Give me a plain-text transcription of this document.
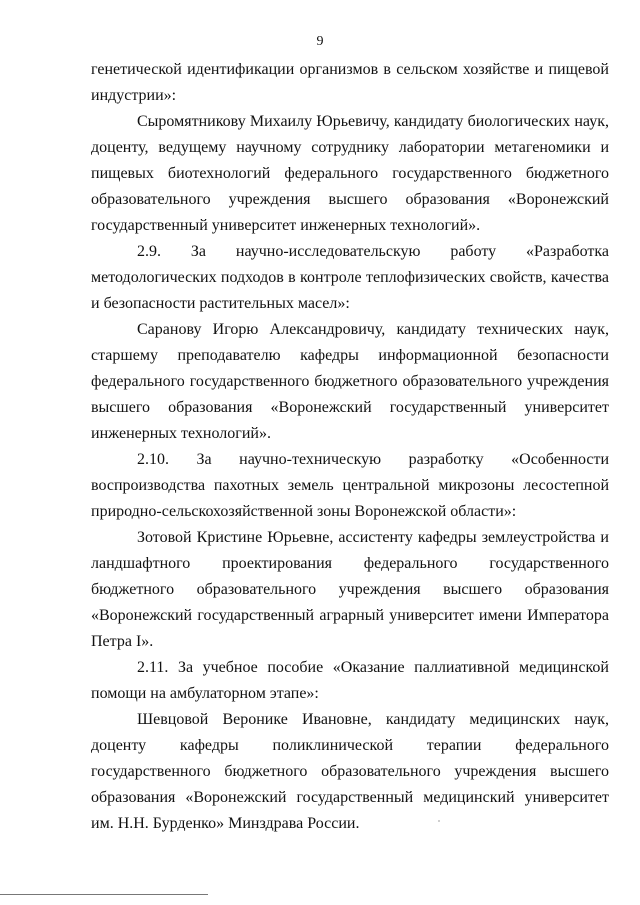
9

генетической идентификации организмов в сельском хозяйстве и пищевой индустрии»:

Сыромятникову Михаилу Юрьевичу, кандидату биологических наук, доценту, ведущему научному сотруднику лаборатории метагеномики и пищевых биотехнологий федерального государственного бюджетного образовательного учреждения высшего образования «Воронежский государственный университет инженерных технологий».

2.9. За научно-исследовательскую работу «Разработка методологических подходов в контроле теплофизических свойств, качества и безопасности растительных масел»:

Саранову Игорю Александровичу, кандидату технических наук, старшему преподавателю кафедры информационной безопасности федерального государственного бюджетного образовательного учреждения высшего образования «Воронежский государственный университет инженерных технологий».

2.10. За научно-техническую разработку «Особенности воспроизводства пахотных земель центральной микрозоны лесостепной природно-сельскохозяйственной зоны Воронежской области»:

Зотовой Кристине Юрьевне, ассистенту кафедры землеустройства и ландшафтного проектирования федерального государственного бюджетного образовательного учреждения высшего образования «Воронежский государственный аграрный университет имени Императора Петра I».

2.11. За учебное пособие «Оказание паллиативной медицинской помощи на амбулаторном этапе»:

Шевцовой Веронике Ивановне, кандидату медицинских наук, доценту кафедры поликлинической терапии федерального государственного бюджетного образовательного учреждения высшего образования «Воронежский государственный медицинский университет им. Н.Н. Бурденко» Минздрава России.
